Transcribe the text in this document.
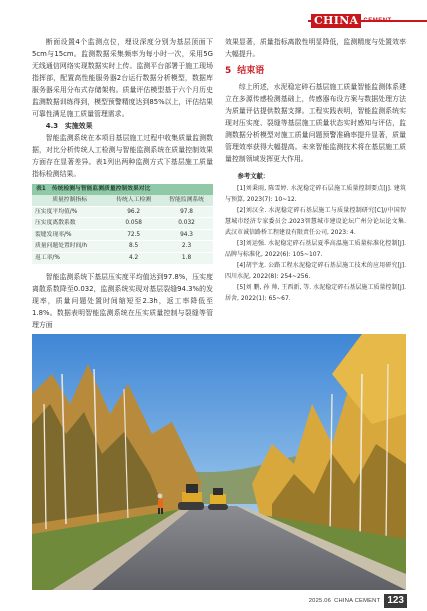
CHINA CEMENT

断面设置4个监测点位，埋设深度分别为基层顶面下5cm与15cm。监测数据采集频率为每小时一次，采用5G无线通信网络实现数据实时上传。监测平台部署于施工现场指挥部，配置高性能服务器2台运行数据分析模型，数据库服务器采用分布式存储架构。质量评估模型基于六个月历史监测数据训练得到，模型预警精度达到85%以上，评估结果可靠性满足施工质量管理需求。

4.3　实施效果

智能监测系统在本项目基层施工过程中收集质量监测数据，对比分析传统人工检测与智能监测系统在质量控制效果方面存在显著差异。表1列出两种监测方式下基层施工质量指标检测结果。

表1 传统检测与智能监测质量控制效果对比
质量控制指标	传统人工检测	智能监测系统
压实度平均值/%	96.2	97.8
压实度离散系数	0.058	0.032
裂缝发现率/%	72.5	94.3
质量问题处置时间/h	8.5	2.3
返工率/%	4.2	1.8

智能监测系统下基层压实度平均值达到97.8%，压实度离散系数降至0.032，监测系统实现对基层裂缝94.3%的发现率，质量问题处置时间缩短至2.3h，返工率降低至1.8%。数据表明智能监测系统在压实质量控制与裂缝等管理方面

效果显著，质量指标离散性明显降低，监测精度与处置效率大幅提升。

5 结束语

综上所述，水泥稳定碎石基层施工质量智能监测体系建立在多源传感检测基础上，传感器布设方案与数据处理方法为质量评估提供数据支撑。工程实践表明，智能监测系统实现对压实度、裂缝等基层施工质量状态实时感知与评估，监测数据分析模型对施工质量问题预警准确率提升显著，质量管理效率获得大幅提高。未来智能监测技术将在基层施工质量控制领域发挥更大作用。

参考文献：

[1]刘秉雨, 陈雪婷. 水泥稳定碎石层施工质量控制要点[J]. 建筑与预算, 2023(7): 10~12.

[2]刘汉全. 水泥稳定碎石基层施工与质量控制研究[C]//中国智慧城市经济专家委员会.2023智慧城市建设论坛广州分论坛论文集.武汉市诚信路桥工程建设有限责任公司, 2023: 4.

[3]刘运强. 水泥稳定碎石基层夏季高温施工质量标准化控制[J]. 品牌与标准化, 2022(6): 105~107.

[4]胡宇龙. 公路工程水泥稳定碎石基层施工技术的应用研究[J]. 四川水泥, 2022(8): 254~256.

[5]刘 鹏, 孙 帅, 王西新, 等. 水泥稳定碎石基层施工质量控制[J]. 居舍, 2022(1): 65~67.

2025.06 CHINA CEMENT 123
